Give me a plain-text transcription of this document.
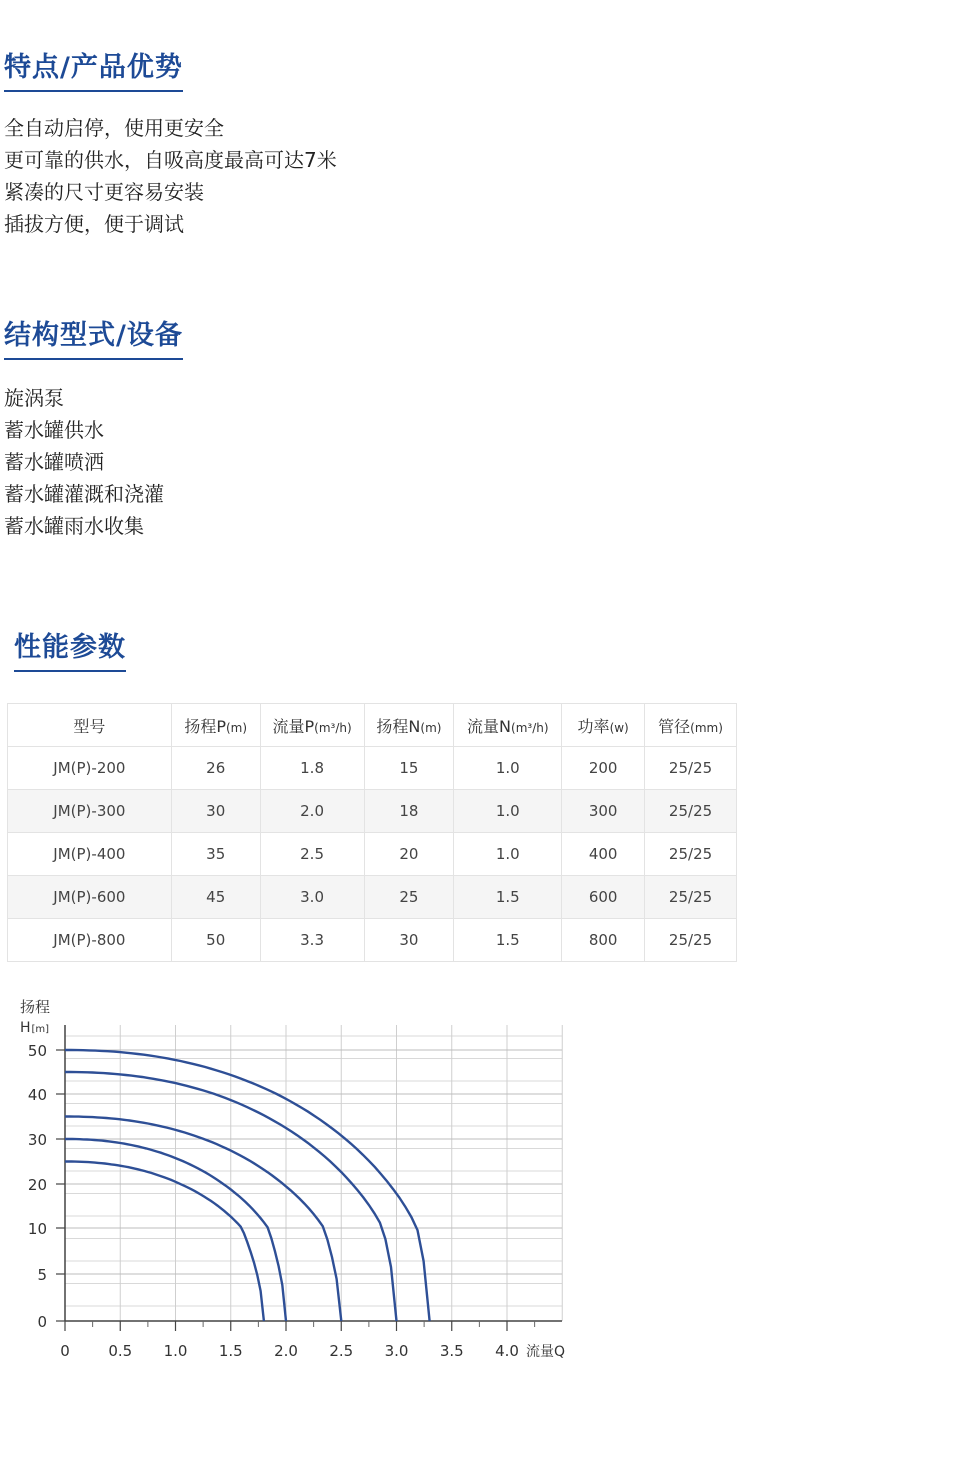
特点/产品优势
全自动启停，使用更安全
更可靠的供水，自吸高度最高可达7米
紧凑的尺寸更容易安装
插拔方便，便于调试
结构型式/设备
旋涡泵
蓄水罐供水
蓄水罐喷洒
蓄水罐灌溉和浇灌
蓄水罐雨水收集
性能参数
型号	扬程P(m)	流量P(m³/h)	扬程N(m)	流量N(m³/h)	功率(w)	管径(mm)
JM(P)-200	26	1.8	15	1.0	200	25/25
JM(P)-300	30	2.0	18	1.0	300	25/25
JM(P)-400	35	2.5	20	1.0	400	25/25
JM(P)-600	45	3.0	25	1.5	600	25/25
JM(P)-800	50	3.3	30	1.5	800	25/25
0
5
10
20
30
40
50
0	0.5 1.0 1.5 2.0 2.5 3.0 3.5 4.0
扬程
H[m]
流量Q
